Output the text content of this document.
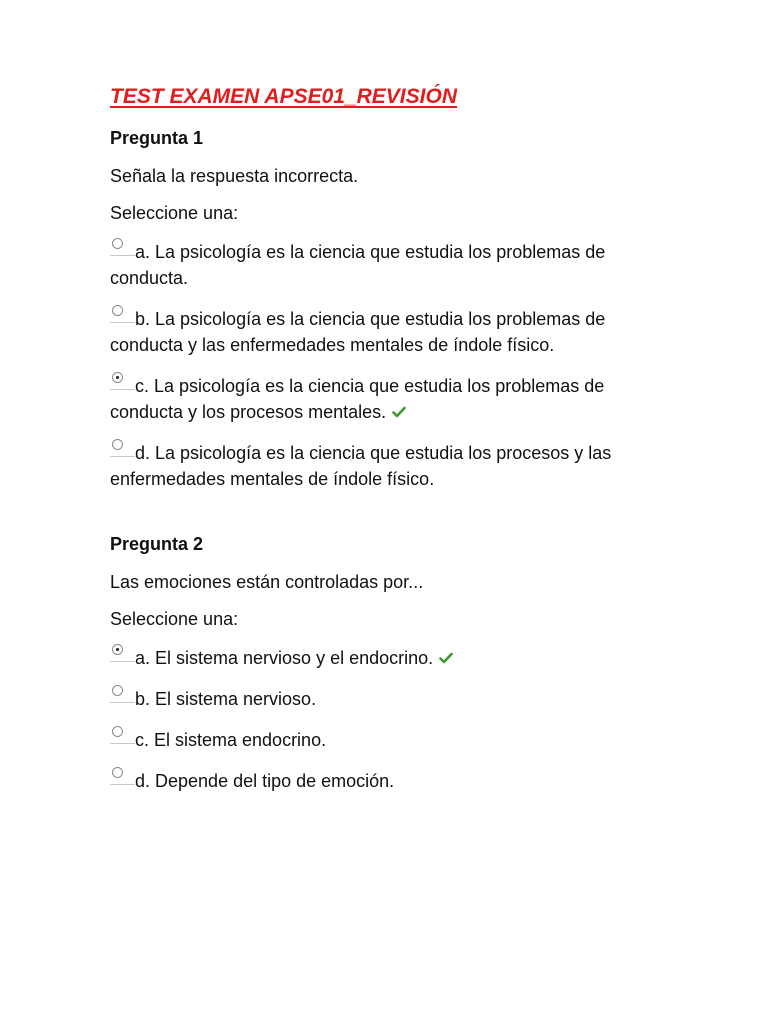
TEST EXAMEN APSE01_REVISIÓN
Pregunta 1
Señala la respuesta incorrecta.
Seleccione una:
a. La psicología es la ciencia que estudia los problemas de conducta.
b. La psicología es la ciencia que estudia los problemas de conducta y las enfermedades mentales de índole físico.
c. La psicología es la ciencia que estudia los problemas de conducta y los procesos mentales.
d. La psicología es la ciencia que estudia los procesos y las enfermedades mentales de índole físico.
Pregunta 2
Las emociones están controladas por...
Seleccione una:
a. El sistema nervioso y el endocrino.
b. El sistema nervioso.
c. El sistema endocrino.
d. Depende del tipo de emoción.
